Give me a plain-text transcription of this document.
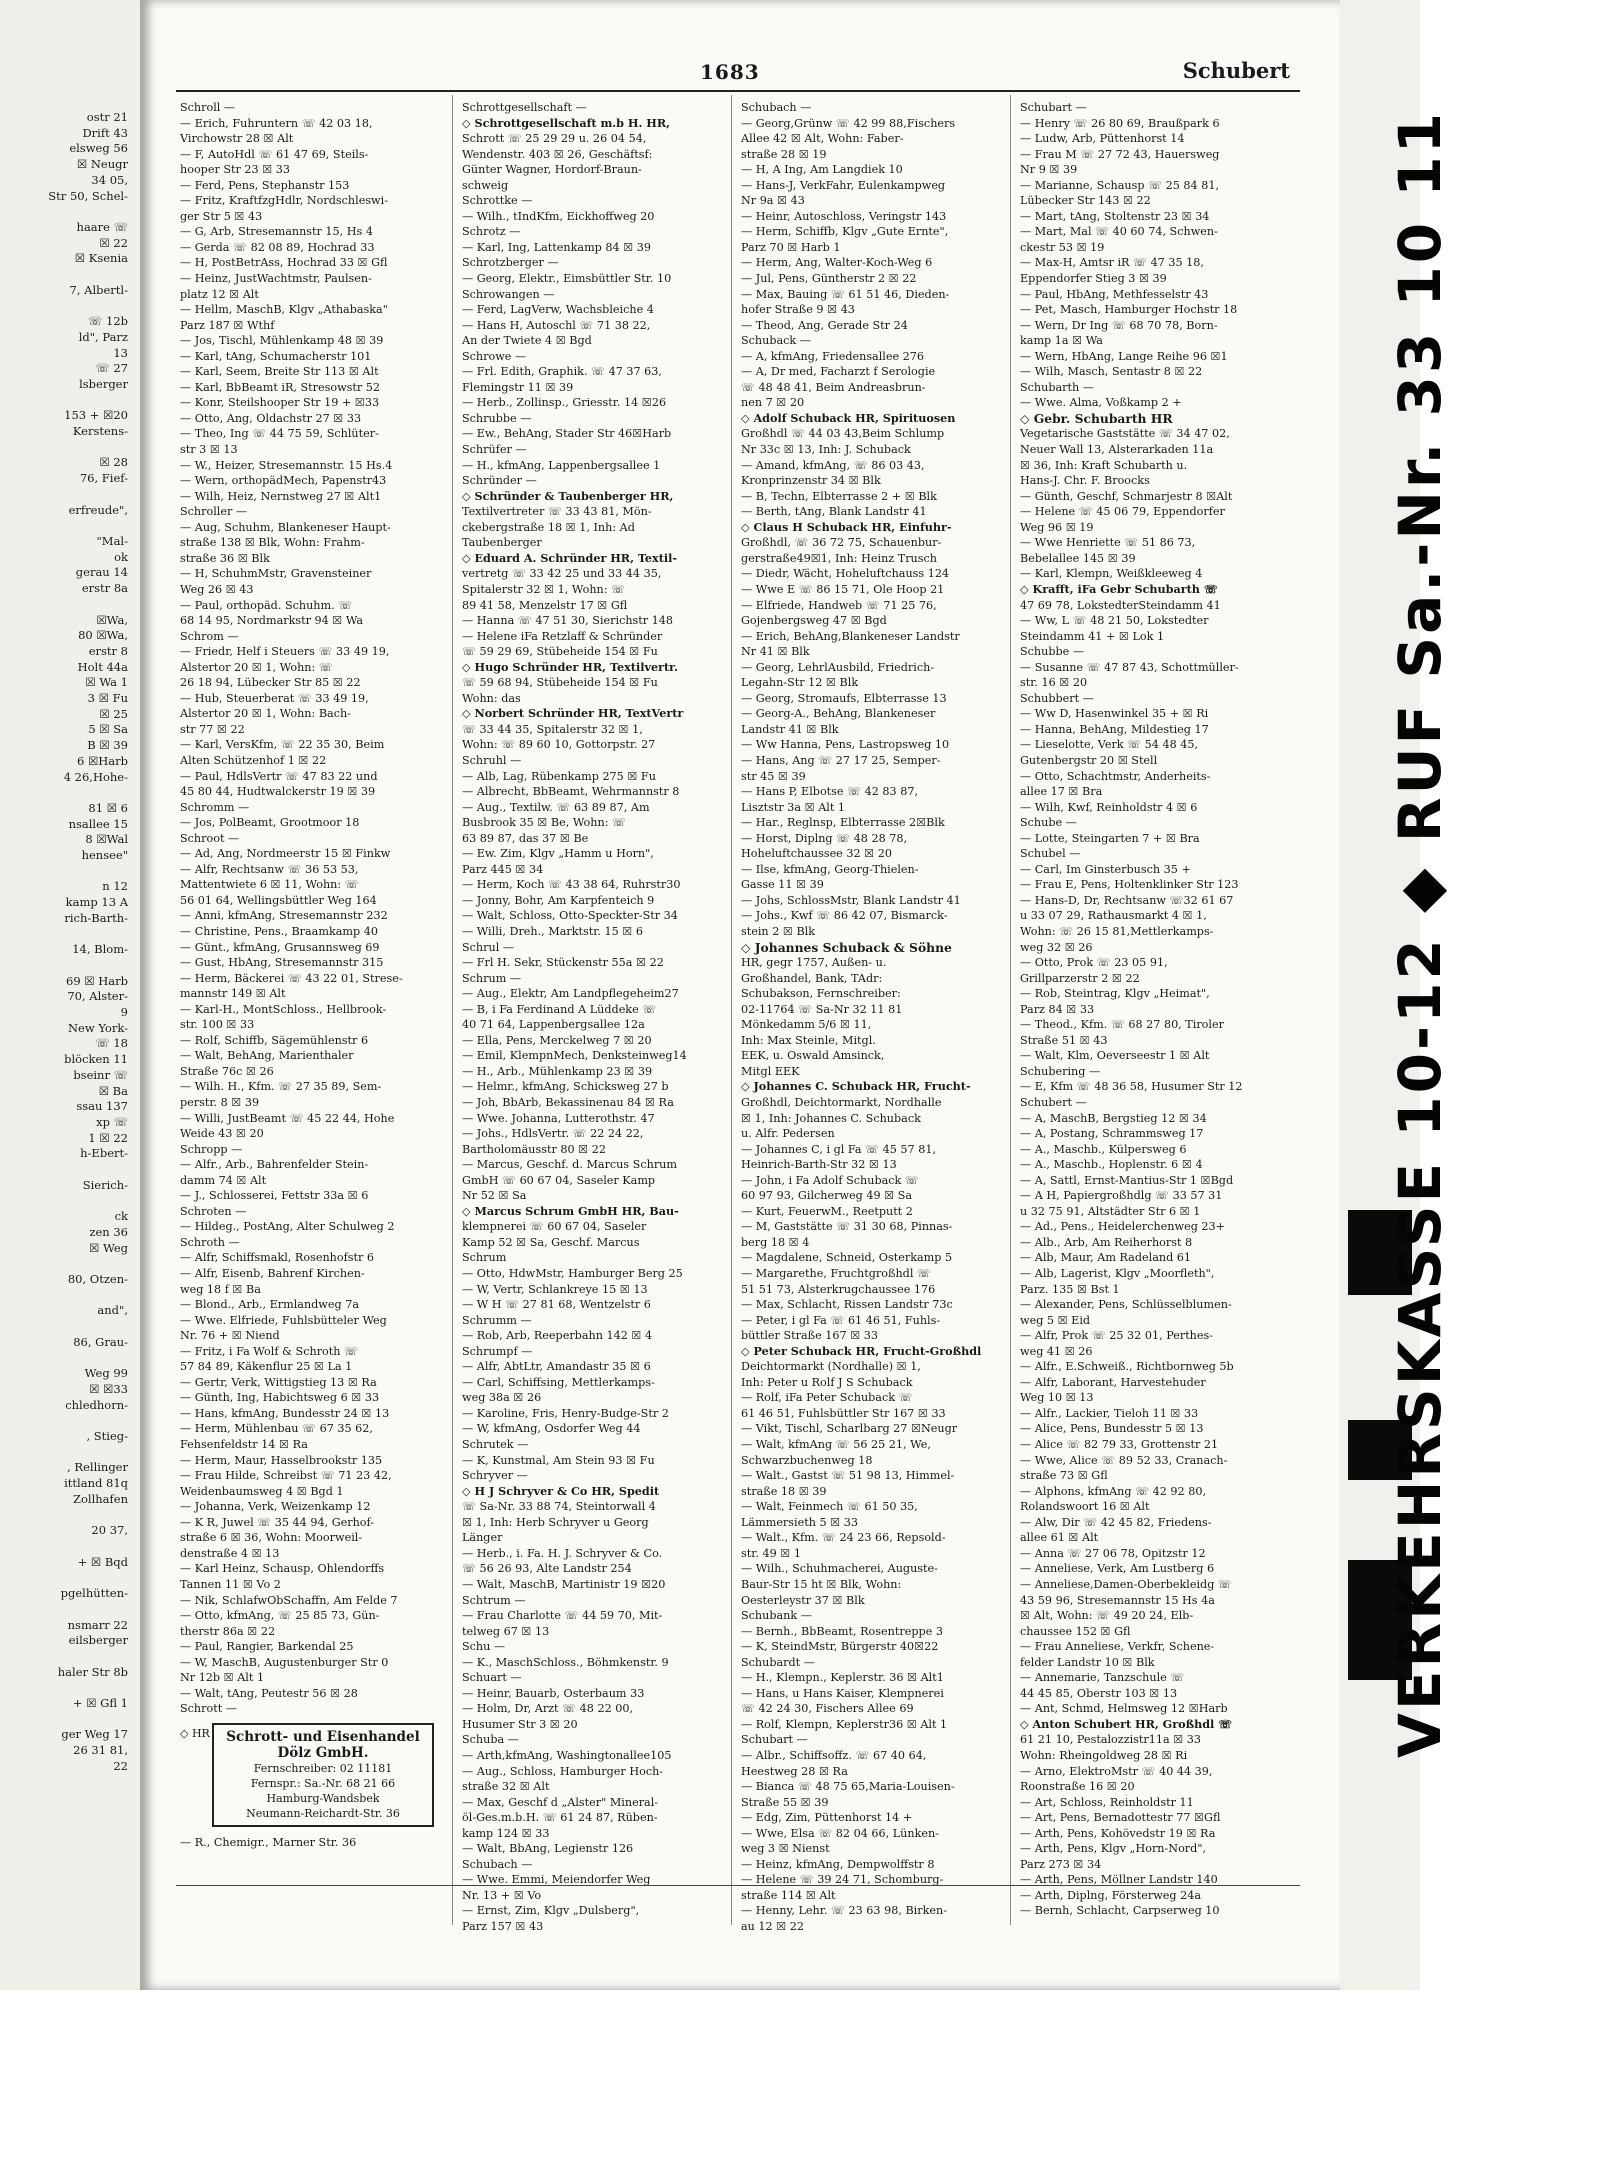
ostr 21
Drift 43
elsweg 56
☒ Neugr
34 05,
Str 50, Schel-

haare ☏
☒ 22
☒ Ksenia

7, Albertl-

☏ 12b
ld", Parz
13
☏ 27
lsberger

153 + ☒20
Kerstens-

☒ 28
76, Fief-

erfreude",

"Mal-
ok
gerau 14
erstr 8a

☒Wa,
80 ☒Wa,
erstr 8
Holt 44a
☒ Wa 1
3 ☒ Fu
☒ 25
5 ☒ Sa
B ☒ 39
6 ☒Harb
4 26,Hohe-

81 ☒ 6
nsallee 15
8 ☒Wal
henseе"

n 12
kamp 13 A
rich-Barth-

14, Blom-

69 ☒ Harb
70, Alster-
9
New York-
☏ 18
blöcken 11
bseinr ☏
☒ Ba
ssau 137
xp ☏
1 ☒ 22
h-Ebert-

Sierich-

ck
zen 36
☒ Weg

80, Otzen-

and",

86, Grau-

Weg 99
☒ ☒33
chledhorn-

, Stieg-

, Rellinger
ittland 81q
Zollhafen

20 37,

+ ☒ Bqd

pgelhütten-

nsmarr 22
eilsberger

haler Str 8b

+ ☒ Gfl 1

ger Weg 17
26 31 81,
22
1683	Schubert
Schroll —
— Erich, Fuhruntern ☏ 42 03 18,
Virchowstr 28 ☒ Alt
— F, AutoHdl ☏ 61 47 69, Steils-
hooper Str 23 ☒ 33
— Ferd, Pens, Stephanstr 153
— Fritz, KraftfzgHdlr, Nordschleswi-
ger Str 5 ☒ 43
— G, Arb, Stresemannstr 15, Hs 4
— Gerda ☏ 82 08 89, Hochrad 33
— H, PostBetrAss, Hochrad 33 ☒ Gfl
— Heinz, JustWachtmstr, Paulsen-
platz 12 ☒ Alt
— Hellm, MaschB, Klgv „Athabaska"
Parz 187 ☒ Wthf
— Jos, Tischl, Mühlenkamp 48 ☒ 39
— Karl, tAng, Schumacherstr 101
— Karl, Seem, Breite Str 113 ☒ Alt
— Karl, BbBeamt iR, Stresowstr 52
— Konr, Steilshooper Str 19 + ☒33
— Otto, Ang, Oldachstr 27 ☒ 33
— Theo, Ing ☏ 44 75 59, Schlüter-
str 3 ☒ 13
— W., Heizer, Stresemannstr. 15 Hs.4
— Wern, orthopädMech, Papenstr43
— Wilh, Heiz, Nernstweg 27 ☒ Alt1
Schroller —
— Aug, Schuhm, Blankeneser Haupt-
straße 138 ☒ Blk, Wohn: Frahm-
straße 36 ☒ Blk
— H, SchuhmMstr, Gravensteiner
Weg 26 ☒ 43
— Paul, orthopäd. Schuhm. ☏
68 14 95, Nordmarkstr 94 ☒ Wa
Schrom —
— Friedr, Helf i Steuers ☏ 33 49 19,
Alstertor 20 ☒ 1, Wohn: ☏
26 18 94, Lübecker Str 85 ☒ 22
— Hub, Steuerberat ☏ 33 49 19,
Alstertor 20 ☒ 1, Wohn: Bach-
str 77 ☒ 22
— Karl, VersKfm, ☏ 22 35 30, Beim
Alten Schützenhof 1 ☒ 22
— Paul, HdlsVertr ☏ 47 83 22 und
45 80 44, Hudtwalckerstr 19 ☒ 39
Schromm —
— Jos, PolBeamt, Grootmoor 18
Schroot —
— Ad, Ang, Nordmeerstr 15 ☒ Finkw
— Alfr, Rechtsanw ☏ 36 53 53,
Mattentwiete 6 ☒ 11, Wohn: ☏
56 01 64, Wellingsbüttler Weg 164
— Anni, kfmAng, Stresemannstr 232
— Christine, Pens., Braamkamp 40
— Günt., kfmAng, Grusannsweg 69
— Gust, HbAng, Stresemannstr 315
— Herm, Bäckerei ☏ 43 22 01, Strese-
mannstr 149 ☒ Alt
— Karl-H., MontSchloss., Hellbrook-
str. 100 ☒ 33
— Rolf, Schiffb, Sägemühlenstr 6
— Walt, BehAng, Marienthaler
Straße 76c ☒ 26
— Wilh. H., Kfm. ☏ 27 35 89, Sem-
perstr. 8 ☒ 39
— Willi, JustBeamt ☏ 45 22 44, Hohe
Weide 43 ☒ 20
Schropp —
— Alfr., Arb., Bahrenfelder Stein-
damm 74 ☒ Alt
— J., Schlosserei, Fettstr 33a ☒ 6
Schroten —
— Hildeg., PostAng, Alter Schulweg 2
Schroth —
— Alfr, Schiffsmakl, Rosenhofstr 6
— Alfr, Eisenb, Bahrenf Kirchen-
weg 18 f ☒ Ba
— Blond., Arb., Ermlandweg 7a
— Wwe. Elfriede, Fuhlsbütteler Weg
Nr. 76 + ☒ Niend
— Fritz, i Fa Wolf & Schroth ☏
57 84 89, Käkenflur 25 ☒ La 1
— Gertr, Verk, Wittigstieg 13 ☒ Ra
— Günth, Ing, Habichtsweg 6 ☒ 33
— Hans, kfmAng, Bundesstr 24 ☒ 13
— Herm, Mühlenbau ☏ 67 35 62,
Fehsenfeldstr 14 ☒ Ra
— Herm, Maur, Hasselbrookstr 135
— Frau Hilde, Schreibst ☏ 71 23 42,
Weidenbaumsweg 4 ☒ Bgd 1
— Johanna, Verk, Weizenkamp 12
— K R, Juwel ☏ 35 44 94, Gerhof-
straße 6 ☒ 36, Wohn: Moorweil-
denstraße 4 ☒ 13
— Karl Heinz, Schausp, Ohlendorffs
Tannen 11 ☒ Vo 2
— Nik, SchlafwObSchaffn, Am Felde 7
— Otto, kfmAng, ☏ 25 85 73, Gün-
therstr 86a ☒ 22
— Paul, Rangier, Barkendal 25
— W, MaschB, Augustenburger Str 0
Nr 12b ☒ Alt 1
— Walt, tAng, Peutestr 56 ☒ 28
Schrott —
◇ HR	Schrott- und Eisenhandel
Dölz GmbH.
Fernschreiber: 02 11181
Fernspr.: Sa.-Nr. 68 21 66
Hamburg-Wandsbek
Neumann-Reichardt-Str. 36
— R., Chemigr., Marner Str. 36
Schrottgesellschaft —
◇ Schrottgesellschaft m.b H. HR,
Schrott ☏ 25 29 29 u. 26 04 54,
Wendenstr. 403 ☒ 26, Geschäftsf:
Günter Wagner, Hordorf-Braun-
schweig
Schrottke —
— Wilh., tIndKfm, Eickhoffweg 20
Schrotz —
— Karl, Ing, Lattenkamp 84 ☒ 39
Schrotzberger —
— Georg, Elektr., Eimsbüttler Str. 10
Schrowangen —
— Ferd, LagVerw, Wachsbleiche 4
— Hans H, Autoschl ☏ 71 38 22,
An der Twiete 4 ☒ Bgd
Schrowe —
— Frl. Edith, Graphik. ☏ 47 37 63,
Flemingstr 11 ☒ 39
— Herb., Zollinsp., Griesstr. 14 ☒26
Schrubbe —
— Ew., BehAng, Stader Str 46☒Harb
Schrüfer —
— H., kfmAng, Lappenbergsallee 1
Schründer —
◇ Schründer & Taubenberger HR,
Textilvertreter ☏ 33 43 81, Mön-
ckebergstraße 18 ☒ 1, Inh: Ad
Taubenberger
◇ Eduard A. Schründer HR, Textil-
vertretg ☏ 33 42 25 und 33 44 35,
Spitalerstr 32 ☒ 1, Wohn: ☏
89 41 58, Menzelstr 17 ☒ Gfl
— Hanna ☏ 47 51 30, Sierichstr 148
— Helene iFa Retzlaff & Schründer
☏ 59 29 69, Stübeheide 154 ☒ Fu
◇ Hugo Schründer HR, Textilvertr.
☏ 59 68 94, Stübeheide 154 ☒ Fu
Wohn: das
◇ Norbert Schründer HR, TextVertr
☏ 33 44 35, Spitalerstr 32 ☒ 1,
Wohn: ☏ 89 60 10, Gottorpstr. 27
Schruhl —
— Alb, Lag, Rübenkamp 275 ☒ Fu
— Albrecht, BbBeamt, Wehrmannstr 8
— Aug., Textilw. ☏ 63 89 87, Am
Busbrook 35 ☒ Be, Wohn: ☏
63 89 87, das 37 ☒ Be
— Ew. Zim, Klgv „Hamm u Horn",
Parz 445 ☒ 34
— Herm, Koch ☏ 43 38 64, Ruhrstr30
— Jonny, Bohr, Am Karpfenteich 9
— Walt, Schloss, Otto-Speckter-Str 34
— Willi, Dreh., Marktstr. 15 ☒ 6
Schrul —
— Frl H. Sekr, Stückenstr 55a ☒ 22
Schrum —
— Aug., Elektr, Am Landpflegeheim27
— B, i Fa Ferdinand A Lüddeke ☏
40 71 64, Lappenbergsallee 12a
— Ella, Pens, Merckelweg 7 ☒ 20
— Emil, KlempnMech, Denksteinweg14
— H., Arb., Mühlenkamp 23 ☒ 39
— Helmr., kfmAng, Schicksweg 27 b
— Joh, BbArb, Bekassinenau 84 ☒ Ra
— Wwe. Johanna, Lutterothstr. 47
— Johs., HdlsVertr. ☏ 22 24 22,
Bartholomäusstr 80 ☒ 22
— Marcus, Geschf. d. Marcus Schrum
GmbH ☏ 60 67 04, Saseler Kamp
Nr 52 ☒ Sa
◇ Marcus Schrum GmbH HR, Bau-
klempnerei ☏ 60 67 04, Saseler
Kamp 52 ☒ Sa, Geschf. Marcus
Schrum
— Otto, HdwMstr, Hamburger Berg 25
— W, Vertr, Schlankreye 15 ☒ 13
— W H ☏ 27 81 68, Wentzelstr 6
Schrumm —
— Rob, Arb, Reeperbahn 142 ☒ 4
Schrumpf —
— Alfr, AbtLtr, Amandastr 35 ☒ 6
— Carl, Schiffsing, Mettlerkamps-
weg 38a ☒ 26
— Karoline, Fris, Henry-Budge-Str 2
— W, kfmAng, Osdorfer Weg 44
Schrutek —
— K, Kunstmal, Am Stein 93 ☒ Fu
Schryver —
◇ H J Schryver & Co HR, Spedit
☏ Sa-Nr. 33 88 74, Steintorwall 4
☒ 1, Inh: Herb Schryver u Georg
Länger
— Herb., i. Fa. H. J. Schryver & Co.
☏ 56 26 93, Alte Landstr 254
— Walt, MaschB, Martinistr 19 ☒20
Schtrum —
— Frau Charlotte ☏ 44 59 70, Mit-
telweg 67 ☒ 13
Schu —
— K., MaschSchloss., Böhmkenstr. 9
Schuart —
— Heinr, Bauarb, Osterbaum 33
— Holm, Dr, Arzt ☏ 48 22 00,
Husumer Str 3 ☒ 20
Schuba —
— Arth,kfmAng, Washingtonallee105
— Aug., Schloss, Hamburger Hoch-
straße 32 ☒ Alt
— Max, Geschf d „Alster" Mineral-
öl-Ges.m.b.H. ☏ 61 24 87, Rüben-
kamp 124 ☒ 33
— Walt, BbAng, Legienstr 126
Schubach —
— Wwe. Emmi, Meiendorfer Weg
Nr. 13 + ☒ Vo
— Ernst, Zim, Klgv „Dulsberg",
Parz 157 ☒ 43
Schubach —
— Georg,Grünw ☏ 42 99 88,Fischers
Allee 42 ☒ Alt, Wohn: Faber-
straße 28 ☒ 19
— H, A Ing, Am Langdiek 10
— Hans-J, VerkFahr, Eulenkampweg
Nr 9a ☒ 43
— Heinr, Autoschloss, Veringstr 143
— Herm, Schiffb, Klgv „Gute Ernte",
Parz 70 ☒ Harb 1
— Herm, Ang, Walter-Koch-Weg 6
— Jul, Pens, Güntherstr 2 ☒ 22
— Max, Bauing ☏ 61 51 46, Dieden-
hofer Straße 9 ☒ 43
— Theod, Ang, Gerade Str 24
Schuback —
— A, kfmAng, Friedensallee 276
— A, Dr med, Facharzt f Serologie
☏ 48 48 41, Beim Andreasbrun-
nen 7 ☒ 20
◇ Adolf Schuback HR, Spirituosen
Großhdl ☏ 44 03 43,Beim Schlump
Nr 33c ☒ 13, Inh: J. Schuback
— Amand, kfmAng, ☏ 86 03 43,
Kronprinzenstr 34 ☒ Blk
— B, Techn, Elbterrasse 2 + ☒ Blk
— Berth, tAng, Blank Landstr 41
◇ Claus H Schuback HR, Einfuhr-
Großhdl, ☏ 36 72 75, Schauenbur-
gerstraße49☒1, Inh: Heinz Trusch
— Diedr, Wächt, Hoheluftchauss 124
— Wwe E ☏ 86 15 71, Ole Hoop 21
— Elfriede, Handweb ☏ 71 25 76,
Gojenbergsweg 47 ☒ Bgd
— Erich, BehAng,Blankeneser Landstr
Nr 41 ☒ Blk
— Georg, LehrlAusbild, Friedrich-
Legahn-Str 12 ☒ Blk
— Georg, Stromaufs, Elbterrasse 13
— Georg-A., BehAng, Blankeneser
Landstr 41 ☒ Blk
— Ww Hanna, Pens, Lastropsweg 10
— Hans, Ang ☏ 27 17 25, Semper-
str 45 ☒ 39
— Hans P, Elbotse ☏ 42 83 87,
Lisztstr 3a ☒ Alt 1
— Har., Reglnsp, Elbterrasse 2☒Blk
— Horst, Diplng ☏ 48 28 78,
Hoheluftchaussee 32 ☒ 20
— Ilse, kfmAng, Georg-Thielen-
Gasse 11 ☒ 39
— Johs, SchlossMstr, Blank Landstr 41
— Johs., Kwf ☏ 86 42 07, Bismarck-
stein 2 ☒ Blk
◇ Johannes Schuback & Söhne
HR, gegr 1757, Außen- u.
Großhandel, Bank, TAdr:
Schubakson, Fernschreiber:
02-11764 ☏ Sa-Nr 32 11 81
Mönkedamm 5/6 ☒ 11,
Inh: Max Steinle, Mitgl.
EEK, u. Oswald Amsinck,
Mitgl EEK
◇ Johannes C. Schuback HR, Frucht-
Großhdl, Deichtormarkt, Nordhalle
☒ 1, Inh: Johannes C. Schuback
u. Alfr. Pedersen
— Johannes C, i gl Fa ☏ 45 57 81,
Heinrich-Barth-Str 32 ☒ 13
— John, i Fa Adolf Schuback ☏
60 97 93, Gilcherweg 49 ☒ Sa
— Kurt, FeuerwM., Reetputt 2
— M, Gaststätte ☏ 31 30 68, Pinnas-
berg 18 ☒ 4
— Magdalene, Schneid, Osterkamp 5
— Margarethe, Fruchtgroßhdl ☏
51 51 73, Alsterkrugchaussee 176
— Max, Schlacht, Rissen Landstr 73c
— Peter, i gl Fa ☏ 61 46 51, Fuhls-
büttler Straße 167 ☒ 33
◇ Peter Schuback HR, Frucht-Großhdl
Deichtormarkt (Nordhalle) ☒ 1,
Inh: Peter u Rolf J S Schuback
— Rolf, iFa Peter Schuback ☏
61 46 51, Fuhlsbüttler Str 167 ☒ 33
— Vikt, Tischl, Scharlbarg 27 ☒Neugr
— Walt, kfmAng ☏ 56 25 21, We,
Schwarzbuchenweg 18
— Walt., Gastst ☏ 51 98 13, Himmel-
straße 18 ☒ 39
— Walt, Feinmech ☏ 61 50 35,
Lämmersieth 5 ☒ 33
— Walt., Kfm. ☏ 24 23 66, Repsold-
str. 49 ☒ 1
— Wilh., Schuhmacherei, Auguste-
Baur-Str 15 ht ☒ Blk, Wohn:
Oesterleystr 37 ☒ Blk
Schubank —
— Bernh., BbBeamt, Rosentreppe 3
— K, SteindMstr, Bürgerstr 40☒22
Schubardt —
— H., Klempn., Keplerstr. 36 ☒ Alt1
— Hans, u Hans Kaiser, Klempnerei
☏ 42 24 30, Fischers Allee 69
— Rolf, Klempn, Keplerstr36 ☒ Alt 1
Schubart —
— Albr., Schiffsoffz. ☏ 67 40 64,
Heestweg 28 ☒ Ra
— Bianca ☏ 48 75 65,Maria-Louisen-
Straße 55 ☒ 39
— Edg, Zim, Püttenhorst 14 +
— Wwe, Elsa ☏ 82 04 66, Lünken-
weg 3 ☒ Nienst
— Heinz, kfmAng, Dempwolffstr 8
— Helene ☏ 39 24 71, Schomburg-
straße 114 ☒ Alt
— Henny, Lehr. ☏ 23 63 98, Birken-
au 12 ☒ 22
Schubart —
— Henry ☏ 26 80 69, Braußpark 6
— Ludw, Arb, Püttenhorst 14
— Frau M ☏ 27 72 43, Hauersweg
Nr 9 ☒ 39
— Marianne, Schausp ☏ 25 84 81,
Lübecker Str 143 ☒ 22
— Mart, tAng, Stoltenstr 23 ☒ 34
— Mart, Mal ☏ 40 60 74, Schwen-
ckestr 53 ☒ 19
— Max-H, Amtsr iR ☏ 47 35 18,
Eppendorfer Stieg 3 ☒ 39
— Paul, HbAng, Methfesselstr 43
— Pet, Masch, Hamburger Hochstr 18
— Wern, Dr Ing ☏ 68 70 78, Born-
kamp 1a ☒ Wa
— Wern, HbAng, Lange Reihe 96 ☒1
— Wilh, Masch, Sentastr 8 ☒ 22
Schubarth —
— Wwe. Alma, Voßkamp 2 +
◇ Gebr. Schubarth HR
Vegetarische Gaststätte ☏ 34 47 02,
Neuer Wall 13, Alsterarkaden 11a
☒ 36, Inh: Kraft Schubarth u.
Hans-J. Chr. F. Broocks
— Günth, Geschf, Schmarjestr 8 ☒Alt
— Helene ☏ 45 06 79, Eppendorfer
Weg 96 ☒ 19
— Wwe Henriette ☏ 51 86 73,
Bebelallee 145 ☒ 39
— Karl, Klempn, Weißkleeweg 4
◇ Krafft, iFa Gebr Schubarth ☏
47 69 78, LokstedterSteindamm 41
— Ww, L ☏ 48 21 50, Lokstedter
Steindamm 41 + ☒ Lok 1
Schubbe —
— Susanne ☏ 47 87 43, Schottmüller-
str. 16 ☒ 20
Schubbert —
— Ww D, Hasenwinkel 35 + ☒ Ri
— Hanna, BehAng, Mildestieg 17
— Lieselotte, Verk ☏ 54 48 45,
Gutenbergstr 20 ☒ Stell
— Otto, Schachtmstr, Anderheits-
allee 17 ☒ Bra
— Wilh, Kwf, Reinholdstr 4 ☒ 6
Schube —
— Lotte, Steingarten 7 + ☒ Bra
Schubel —
— Carl, Im Ginsterbusch 35 +
— Frau E, Pens, Holtenklinker Str 123
— Hans-D, Dr, Rechtsanw ☏32 61 67
u 33 07 29, Rathausmarkt 4 ☒ 1,
Wohn: ☏ 26 15 81,Mettlerkamps-
weg 32 ☒ 26
— Otto, Prok ☏ 23 05 91,
Grillparzerstr 2 ☒ 22
— Rob, Steintrag, Klgv „Heimat",
Parz 84 ☒ 33
— Theod., Kfm. ☏ 68 27 80, Tiroler
Straße 51 ☒ 43
— Walt, Klm, Oeverseestr 1 ☒ Alt
Schubering —
— E, Kfm ☏ 48 36 58, Husumer Str 12
Schubert —
— A, MaschB, Bergstieg 12 ☒ 34
— A, Postang, Schrammsweg 17
— A., Maschb., Külpersweg 6
— A., Maschb., Hoplenstr. 6 ☒ 4
— A, Sattl, Ernst-Mantius-Str 1 ☒Bgd
— A H, Papiergroßhdlg ☏ 33 57 31
u 32 75 91, Altstädter Str 6 ☒ 1
— Ad., Pens., Heidelerchenweg 23+
— Alb., Arb, Am Reiherhorst 8
— Alb, Maur, Am Radeland 61
— Alb, Lagerist, Klgv „Moorfleth",
Parz. 135 ☒ Bst 1
— Alexander, Pens, Schlüsselblumen-
weg 5 ☒ Eid
— Alfr, Prok ☏ 25 32 01, Perthes-
weg 41 ☒ 26
— Alfr., E.Schweiß., Richtbornweg 5b
— Alfr, Laborant, Harvestehuder
Weg 10 ☒ 13
— Alfr., Lackier, Tieloh 11 ☒ 33
— Alice, Pens, Bundesstr 5 ☒ 13
— Alice ☏ 82 79 33, Grottenstr 21
— Wwe, Alice ☏ 89 52 33, Cranach-
straße 73 ☒ Gfl
— Alphons, kfmAng ☏ 42 92 80,
Rolandswoort 16 ☒ Alt
— Alw, Dir ☏ 42 45 82, Friedens-
allee 61 ☒ Alt
— Anna ☏ 27 06 78, Opitzstr 12
— Anneliese, Verk, Am Lustberg 6
— Anneliese,Damen-Oberbekleidg ☏
43 59 96, Stresemannstr 15 Hs 4a
☒ Alt, Wohn: ☏ 49 20 24, Elb-
chaussee 152 ☒ Gfl
— Frau Anneliese, Verkfr, Schene-
felder Landstr 10 ☒ Blk
— Annemarie, Tanzschule ☏
44 45 85, Oberstr 103 ☒ 13
— Ant, Schmd, Helmsweg 12 ☒Harb
◇ Anton Schubert HR, Großhdl ☏
61 21 10, Pestalozzistr11a ☒ 33
Wohn: Rheingoldweg 28 ☒ Ri
— Arno, ElektroMstr ☏ 40 44 39,
Roonstraße 16 ☒ 20
— Art, Schloss, Reinholdstr 11
— Art, Pens, Bernadottestr 77 ☒Gfl
— Arth, Pens, Kohövedstr 19 ☒ Ra
— Arth, Pens, Klgv „Horn-Nord",
Parz 273 ☒ 34
— Arth, Pens, Möllner Landstr 140
— Arth, Diplng, Försterweg 24a
— Bernh, Schlacht, Carpserweg 10
VERKEHRSKASSE 10-12 ◆ RUF Sa.-Nr. 33 10 11
